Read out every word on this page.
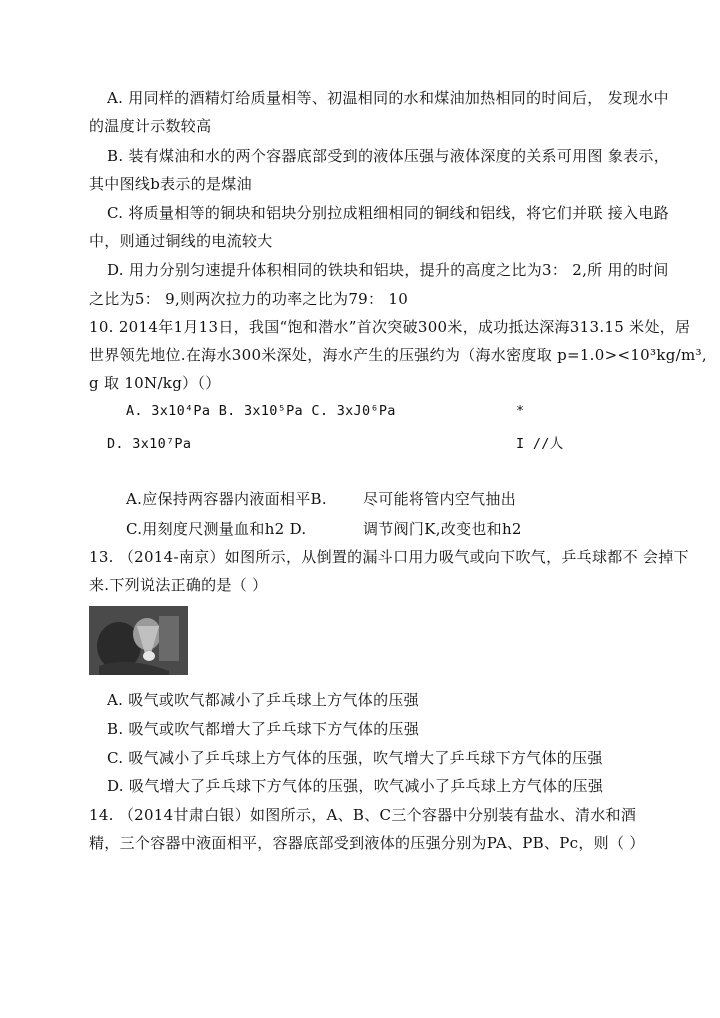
A. 用同样的酒精灯给质量相等、初温相同的水和煤油加热相同的时间后， 发现水中
的温度计示数较高
B. 装有煤油和水的两个容器底部受到的液体压强与液体深度的关系可用图 象表示，
其中图线b表示的是煤油
C. 将质量相等的铜块和铝块分别拉成粗细相同的铜线和铝线，将它们并联 接入电路
中，则通过铜线的电流较大
D. 用力分别匀速提升体积相同的铁块和铝块，提升的高度之比为3： 2,所 用的时间
之比为5： 9,则两次拉力的功率之比为79： 10
10. 2014年1月13日，我国“饱和潜水”首次突破300米，成功抵达深海313.15 米处，居
世界领先地位.在海水300米深处，海水产生的压强约为（海水密度取 p=1.0><10³kg/m³,
g 取 10N/kg）（）
A. 3x10⁴Pa B. 3x10⁵Pa C. 3xJ0⁶Pa	*
D. 3x10⁷Pa	I //人
A.应保持两容器内液面相平B. 尽可能将管内空气抽出
C.用刻度尺测量血和h2 D.	调节阀门K,改变也和h2
13. （2014-南京）如图所示，从倒置的漏斗口用力吸气或向下吹气，乒乓球都不 会掉下
来.下列说法正确的是（ ）
A. 吸气或吹气都减小了乒乓球上方气体的压强
B. 吸气或吹气都增大了乒乓球下方气体的压强
C. 吸气减小了乒乓球上方气体的压强，吹气增大了乒乓球下方气体的压强
D. 吸气增大了乒乓球下方气体的压强，吹气减小了乒乓球上方气体的压强
14. （2014甘肃白银）如图所示，A、B、C三个容器中分别装有盐水、清水和酒
精，三个容器中液面相平，容器底部受到液体的压强分别为PA、PB、Pc，则（ ）
